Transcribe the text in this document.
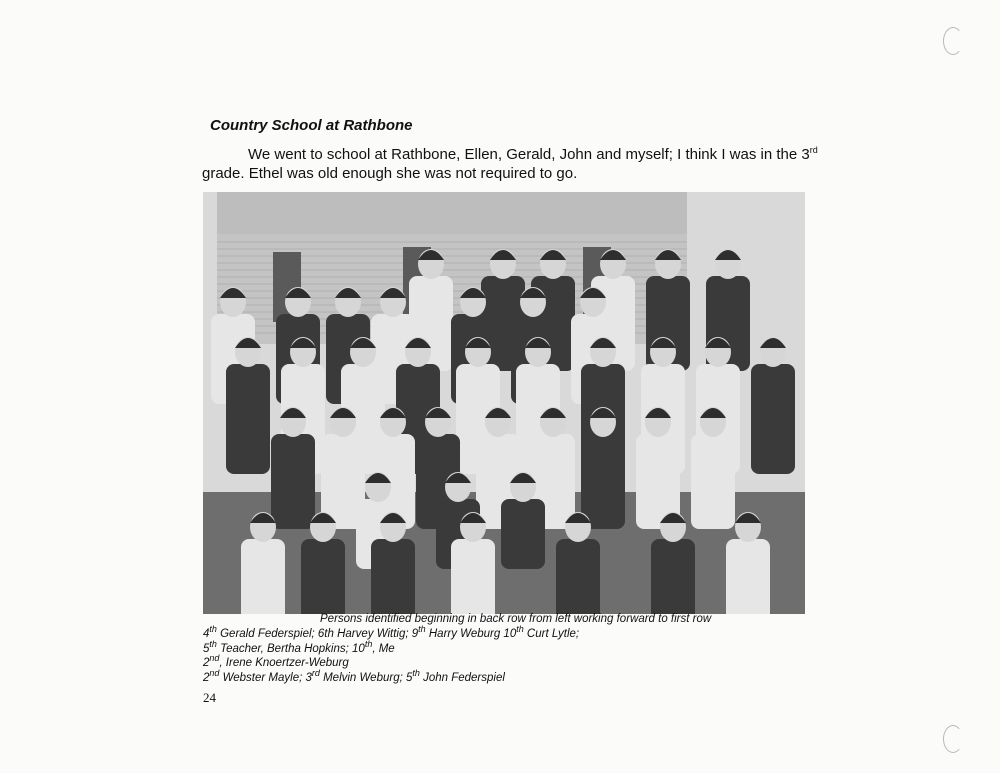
Country School at Rathbone
We went to school at Rathbone, Ellen, Gerald, John and myself; I think I was in the 3rd grade. Ethel was old enough she was not required to go.
Persons identified beginning in back row from left working forward to first row
4th Gerald Federspiel; 6th Harvey Wittig; 9th Harry Weburg 10th Curt Lytle;
5th Teacher, Bertha Hopkins; 10th, Me
2nd, Irene Knoertzer-Weburg
2nd Webster Mayle; 3rd Melvin Weburg; 5th John Federspiel
24
